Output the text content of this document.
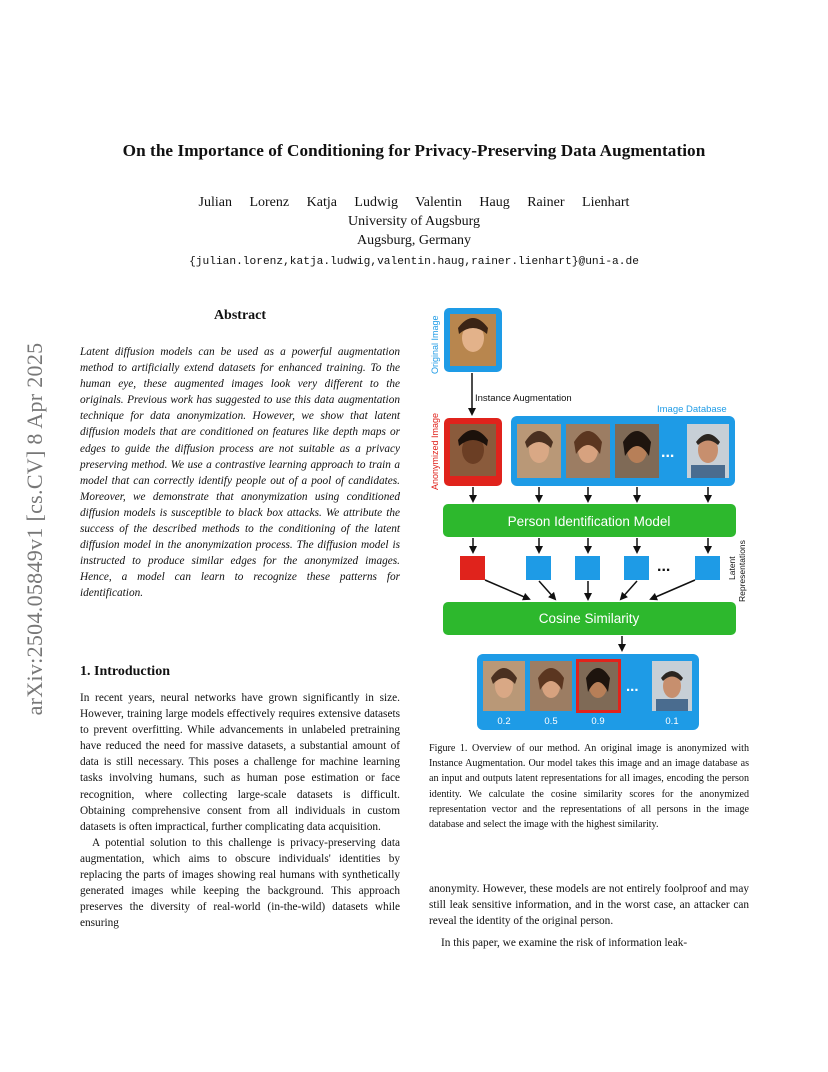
On the Importance of Conditioning for Privacy-Preserving Data Augmentation
Julian Lorenz Katja Ludwig Valentin Haug Rainer Lienhart
University of Augsburg
Augsburg, Germany
{julian.lorenz,katja.ludwig,valentin.haug,rainer.lienhart}@uni-a.de
arXiv:2504.05849v1 [cs.CV] 8 Apr 2025
Abstract

Latent diffusion models can be used as a powerful augmentation method to artificially extend datasets for enhanced training. To the human eye, these augmented images look very different to the originals. Previous work has suggested to use this data augmentation technique for data anonymization. However, we show that latent diffusion models that are conditioned on features like depth maps or edges to guide the diffusion process are not suitable as a privacy preserving method. We use a contrastive learning approach to train a model that can correctly identify people out of a pool of candidates. Moreover, we demonstrate that anonymization using conditioned diffusion models is susceptible to black box attacks. We attribute the success of the described methods to the conditioning of the latent diffusion model in the anonymization process. The diffusion model is instructed to produce similar edges for the anonymized images. Hence, a model can learn to recognize these patterns for identification.

1. Introduction

In recent years, neural networks have grown significantly in size. However, training large models effectively requires extensive datasets to prevent overfitting. While advancements in unlabeled pretraining have reduced the need for massive datasets, a substantial amount of data is still necessary. This poses a challenge for machine learning tasks involving humans, such as human pose estimation or face recognition, where collecting large-scale datasets is difficult. Obtaining comprehensive consent from all individuals in custom datasets is often impractical, further complicating data acquisition.

A potential solution to this challenge is privacy-preserving data augmentation, which aims to obscure individuals' identities by replacing the parts of images showing real humans with synthetically generated images while keeping the background. This approach preserves the diversity of real-world (in-the-wild) datasets while ensuring

Original Image
Instance Augmentation
Anonymized Image
Image Database
...
Person Identification Model
...	Latent Representations
Cosine Similarity
...
0.2	0.5	0.9	0.1
Figure 1. Overview of our method. An original image is anonymized with Instance Augmentation. Our model takes this image and an image database as an input and outputs latent representations for all images, encoding the person identity. We calculate the cosine similarity scores for the anonymized representation vector and the representations of all persons in the image database and select the image with the highest similarity.

anonymity. However, these models are not entirely foolproof and may still leak sensitive information, and in the worst case, an attacker can reveal the identity of the original person.

In this paper, we examine the risk of information leak-
